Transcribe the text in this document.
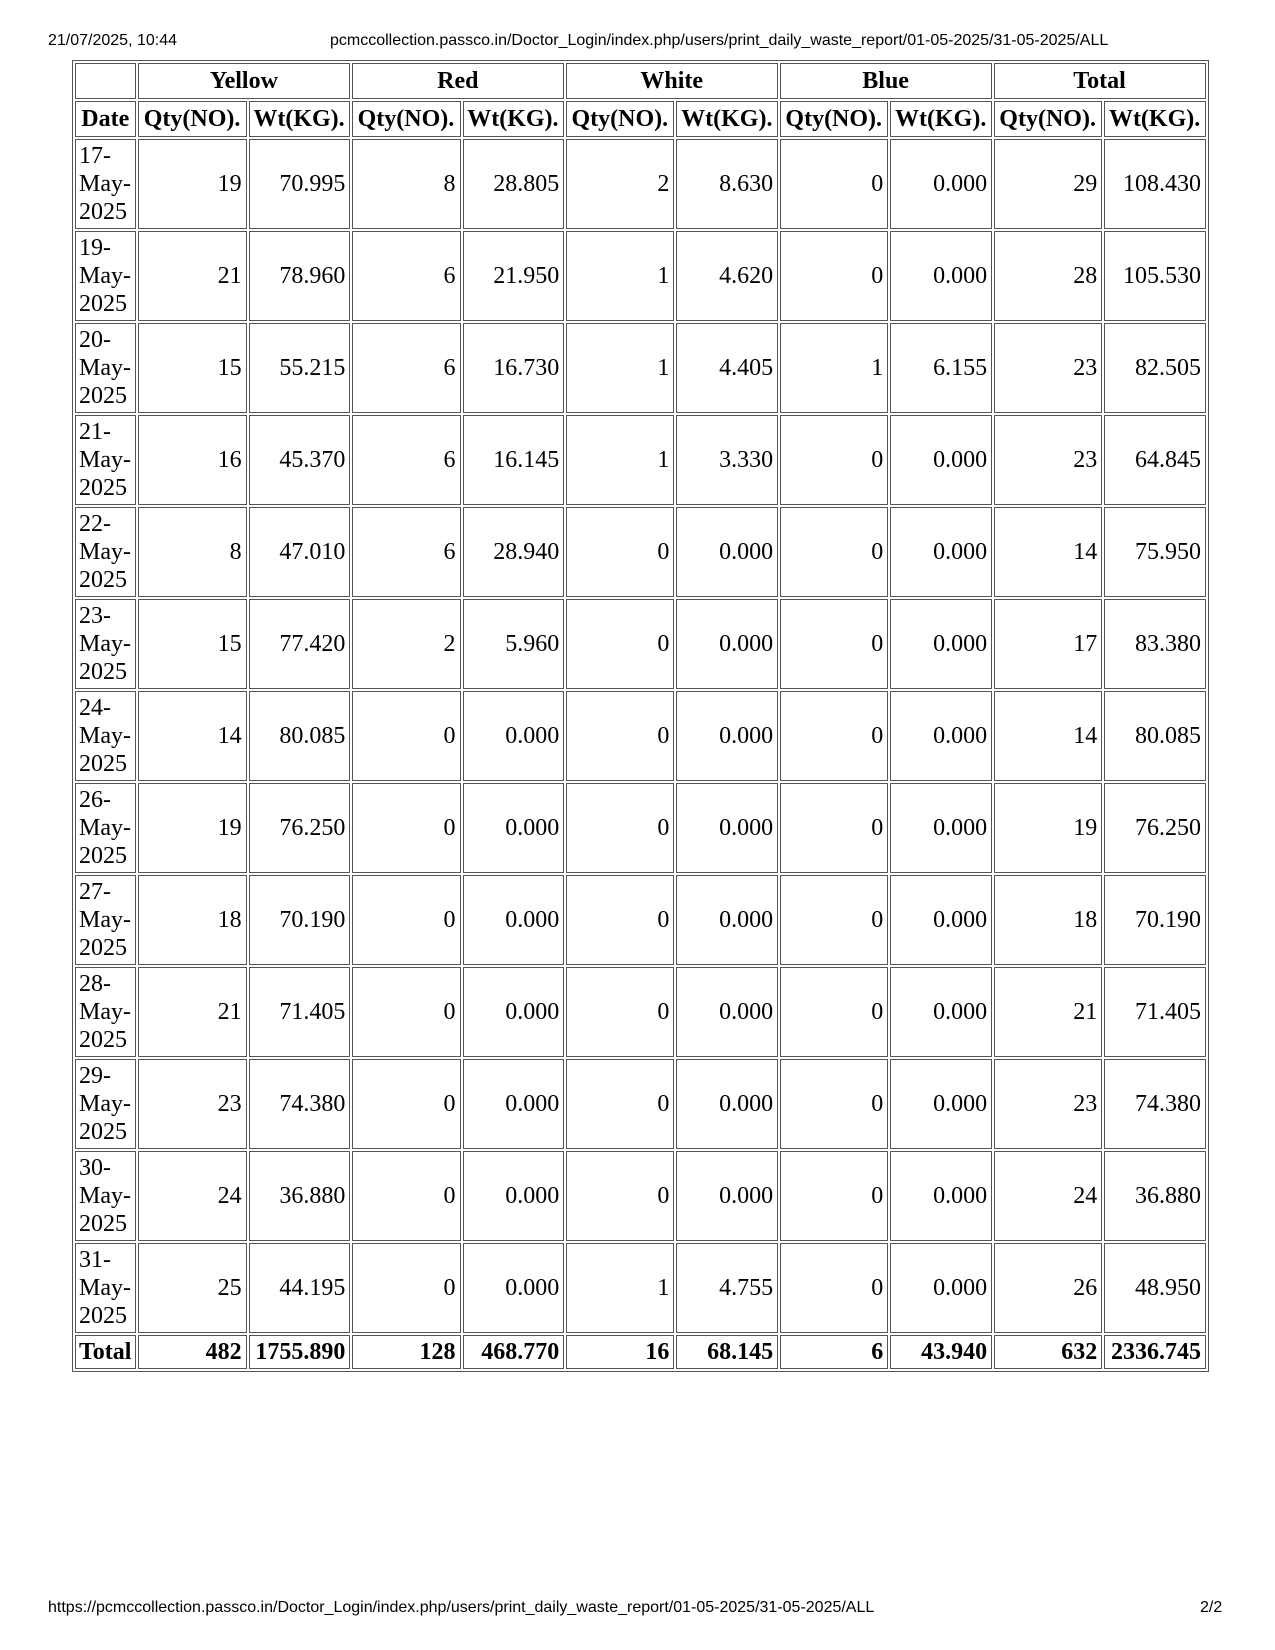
21/07/2025, 10:44	pcmccollection.passco.in/Doctor_Login/index.php/users/print_daily_waste_report/01-05-2025/31-05-2025/ALL
	Yellow		Red		White		Blue		Total	
Date	Qty(NO).	Wt(KG).	Qty(NO).	Wt(KG).	Qty(NO).	Wt(KG).	Qty(NO).	Wt(KG).	Qty(NO).	Wt(KG).
17-May-2025	19	70.995	8	28.805	2	8.630	0	0.000	29	108.430
19-May-2025	21	78.960	6	21.950	1	4.620	0	0.000	28	105.530
20-May-2025	15	55.215	6	16.730	1	4.405	1	6.155	23	82.505
21-May-2025	16	45.370	6	16.145	1	3.330	0	0.000	23	64.845
22-May-2025	8	47.010	6	28.940	0	0.000	0	0.000	14	75.950
23-May-2025	15	77.420	2	5.960	0	0.000	0	0.000	17	83.380
24-May-2025	14	80.085	0	0.000	0	0.000	0	0.000	14	80.085
26-May-2025	19	76.250	0	0.000	0	0.000	0	0.000	19	76.250
27-May-2025	18	70.190	0	0.000	0	0.000	0	0.000	18	70.190
28-May-2025	21	71.405	0	0.000	0	0.000	0	0.000	21	71.405
29-May-2025	23	74.380	0	0.000	0	0.000	0	0.000	23	74.380
30-May-2025	24	36.880	0	0.000	0	0.000	0	0.000	24	36.880
31-May-2025	25	44.195	0	0.000	1	4.755	0	0.000	26	48.950
Total	482	1755.890	128	468.770	16	68.145	6	43.940	632	2336.745
https://pcmccollection.passco.in/Doctor_Login/index.php/users/print_daily_waste_report/01-05-2025/31-05-2025/ALL	2/2
